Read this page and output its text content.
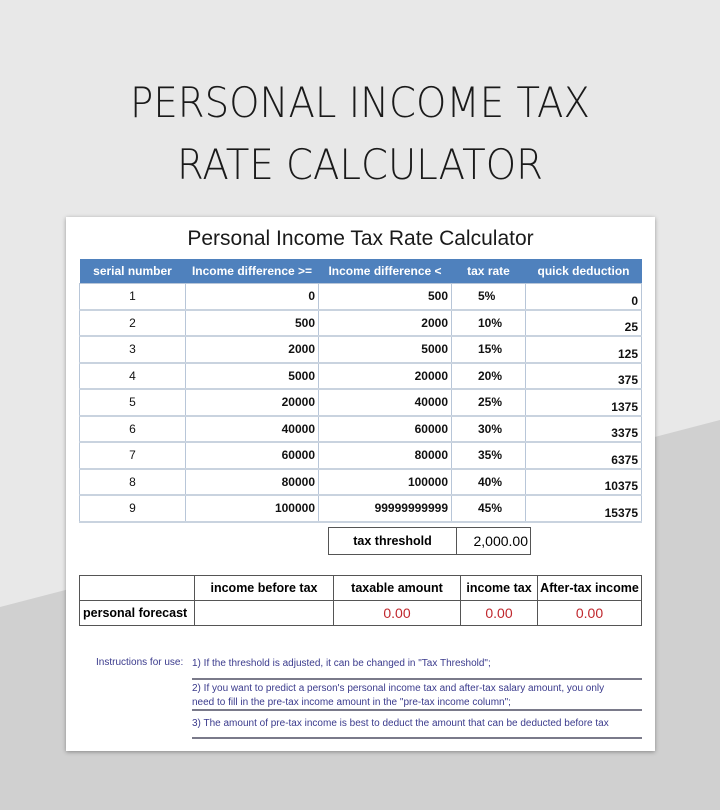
PERSONAL INCOME TAX
RATE CALCULATOR
Personal Income Tax Rate Calculator
serial number	Income difference >=	Income difference <	tax rate	quick deduction
1	0	500	5%	0
2	500	2000	10%	25
3	2000	5000	15%	125
4	5000	20000	20%	375
5	20000	40000	25%	1375
6	40000	60000	30%	3375
7	60000	80000	35%	6375
8	80000	100000	40%	10375
9	100000	99999999999	45%	15375
tax threshold	2,000.00
	income before tax	taxable amount	income tax	After-tax income
personal forecast		0.00	0.00	0.00
Instructions for use: 1) If the threshold is adjusted, it can be changed in "Tax Threshold";
2) If you want to predict a person's personal income tax and after-tax salary amount, you only
need to fill in the pre-tax income amount in the "pre-tax income column";
3) The amount of pre-tax income is best to deduct the amount that can be deducted before tax
